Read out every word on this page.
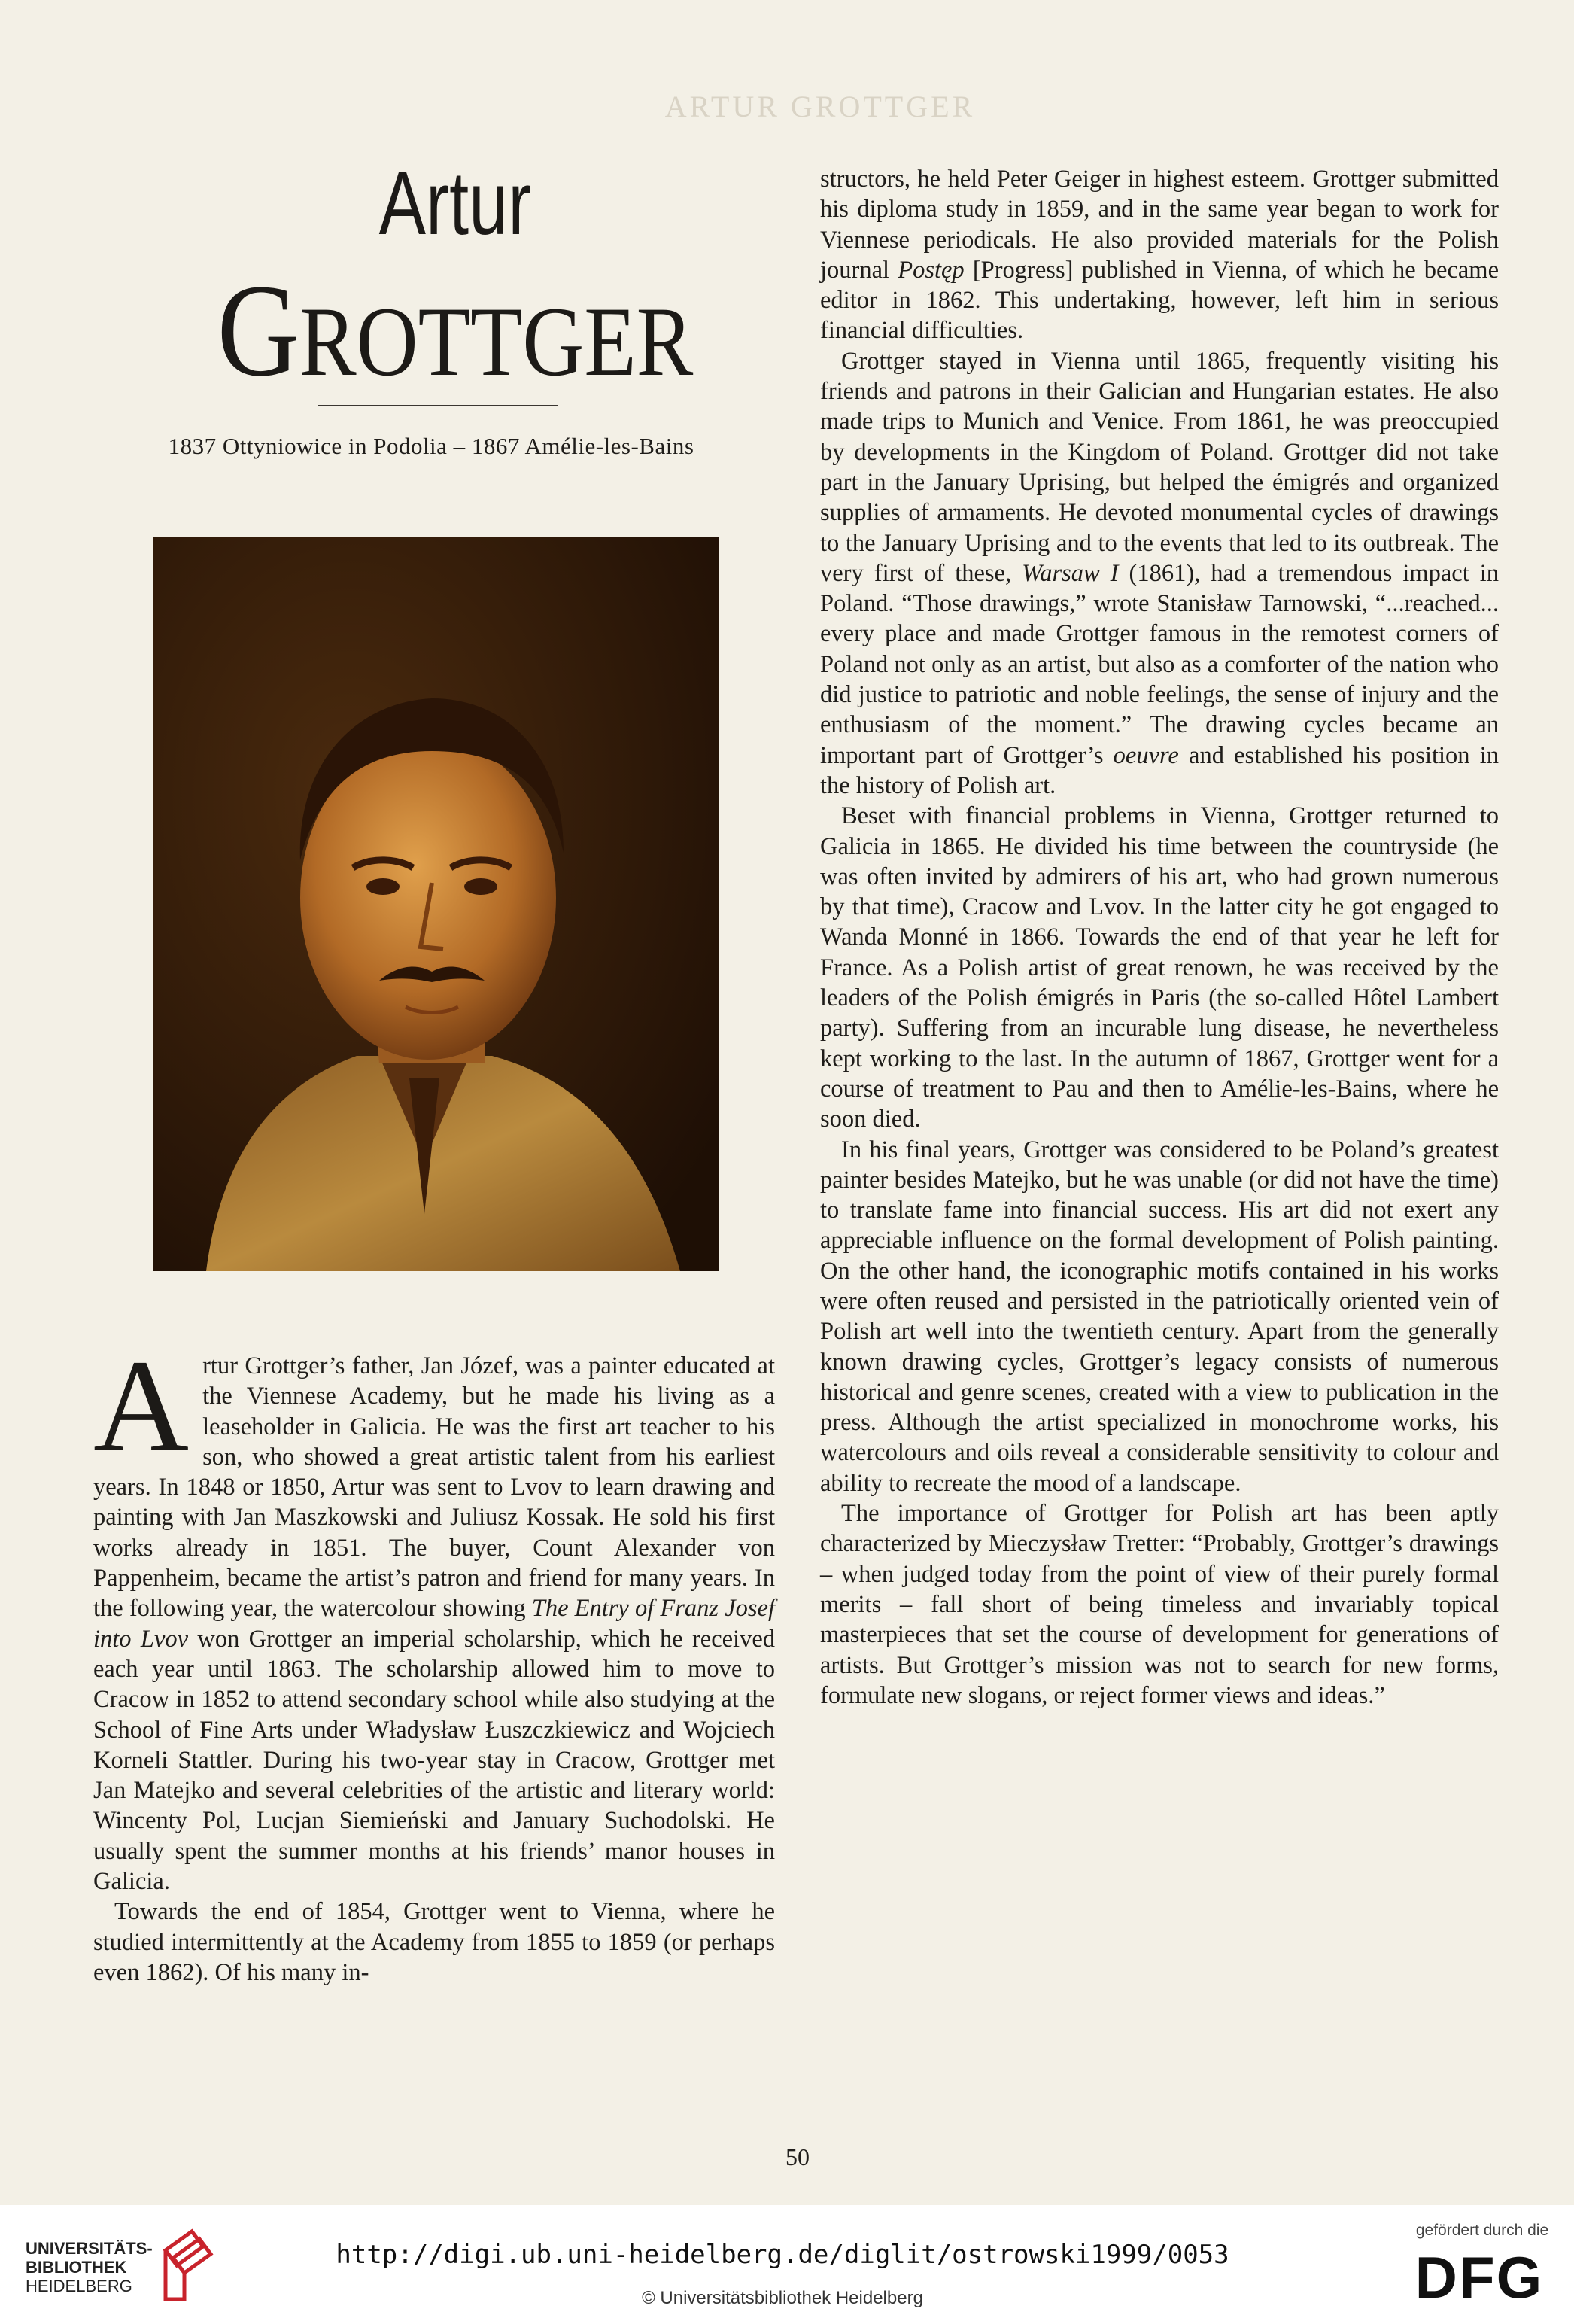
ARTUR GROTTGER
Artur
GROTTGER
1837 Ottyniowice in Podolia – 1867 Amélie-les-Bains

Artur Grottger’s father, Jan Józef, was a painter educated at the Viennese Academy, but he made his living as a leaseholder in Galicia. He was the first art teacher to his son, who showed a great artistic talent from his earliest years. In 1848 or 1850, Artur was sent to Lvov to learn drawing and painting with Jan Maszkowski and Juliusz Kossak. He sold his first works already in 1851. The buyer, Count Alexander von Pappenheim, became the artist’s patron and friend for many years. In the following year, the watercolour showing The Entry of Franz Josef into Lvov won Grottger an imperial scholarship, which he received each year until 1863. The scholarship allowed him to move to Cracow in 1852 to attend secondary school while also studying at the School of Fine Arts under Władysław Łuszczkiewicz and Wojciech Korneli Stattler. During his two-year stay in Cracow, Grottger met Jan Matejko and several celebrities of the artistic and literary world: Wincenty Pol, Lucjan Siemieński and January Suchodolski. He usually spent the summer months at his friends’ manor houses in Galicia.

Towards the end of 1854, Grottger went to Vienna, where he studied intermittently at the Academy from 1855 to 1859 (or perhaps even 1862). Of his many in-

structors, he held Peter Geiger in highest esteem. Grottger submitted his diploma study in 1859, and in the same year began to work for Viennese periodicals. He also provided materials for the Polish journal Postęp [Progress] published in Vienna, of which he became editor in 1862. This undertaking, however, left him in serious financial difficulties.

Grottger stayed in Vienna until 1865, frequently visiting his friends and patrons in their Galician and Hungarian estates. He also made trips to Munich and Venice. From 1861, he was preoccupied by developments in the Kingdom of Poland. Grottger did not take part in the January Uprising, but helped the émigrés and organized supplies of armaments. He devoted monumental cycles of drawings to the January Uprising and to the events that led to its outbreak. The very first of these, Warsaw I (1861), had a tremendous impact in Poland. “Those drawings,” wrote Stanisław Tarnowski, “...reached... every place and made Grottger famous in the remotest corners of Poland not only as an artist, but also as a comforter of the nation who did justice to patriotic and noble feelings, the sense of injury and the enthusiasm of the moment.” The drawing cycles became an important part of Grottger’s oeuvre and established his position in the history of Polish art.

Beset with financial problems in Vienna, Grottger returned to Galicia in 1865. He divided his time between the countryside (he was often invited by admirers of his art, who had grown numerous by that time), Cracow and Lvov. In the latter city he got engaged to Wanda Monné in 1866. Towards the end of that year he left for France. As a Polish artist of great renown, he was received by the leaders of the Polish émigrés in Paris (the so-called Hôtel Lambert party). Suffering from an incurable lung disease, he nevertheless kept working to the last. In the autumn of 1867, Grottger went for a course of treatment to Pau and then to Amélie-les-Bains, where he soon died.

In his final years, Grottger was considered to be Poland’s greatest painter besides Matejko, but he was unable (or did not have the time) to translate fame into financial success. His art did not exert any appreciable influence on the formal development of Polish painting. On the other hand, the iconographic motifs contained in his works were often reused and persisted in the patriotically oriented vein of Polish art well into the twentieth century. Apart from the generally known drawing cycles, Grottger’s legacy consists of numerous historical and genre scenes, created with a view to publication in the press. Although the artist specialized in monochrome works, his watercolours and oils reveal a considerable sensitivity to colour and ability to recreate the mood of a landscape.

The importance of Grottger for Polish art has been aptly characterized by Mieczysław Tretter: “Probably, Grottger’s drawings – when judged today from the point of view of their purely formal merits – fall short of being timeless and invariably topical masterpieces that set the course of development for generations of artists. But Grottger’s mission was not to search for new forms, formulate new slogans, or reject former views and ideas.”

50
UNIVERSITÄTS-
BIBLIOTHEK
HEIDELBERG
http://digi.ub.uni-heidelberg.de/diglit/ostrowski1999/0053
© Universitätsbibliothek Heidelberg
gefördert durch die
DFG
